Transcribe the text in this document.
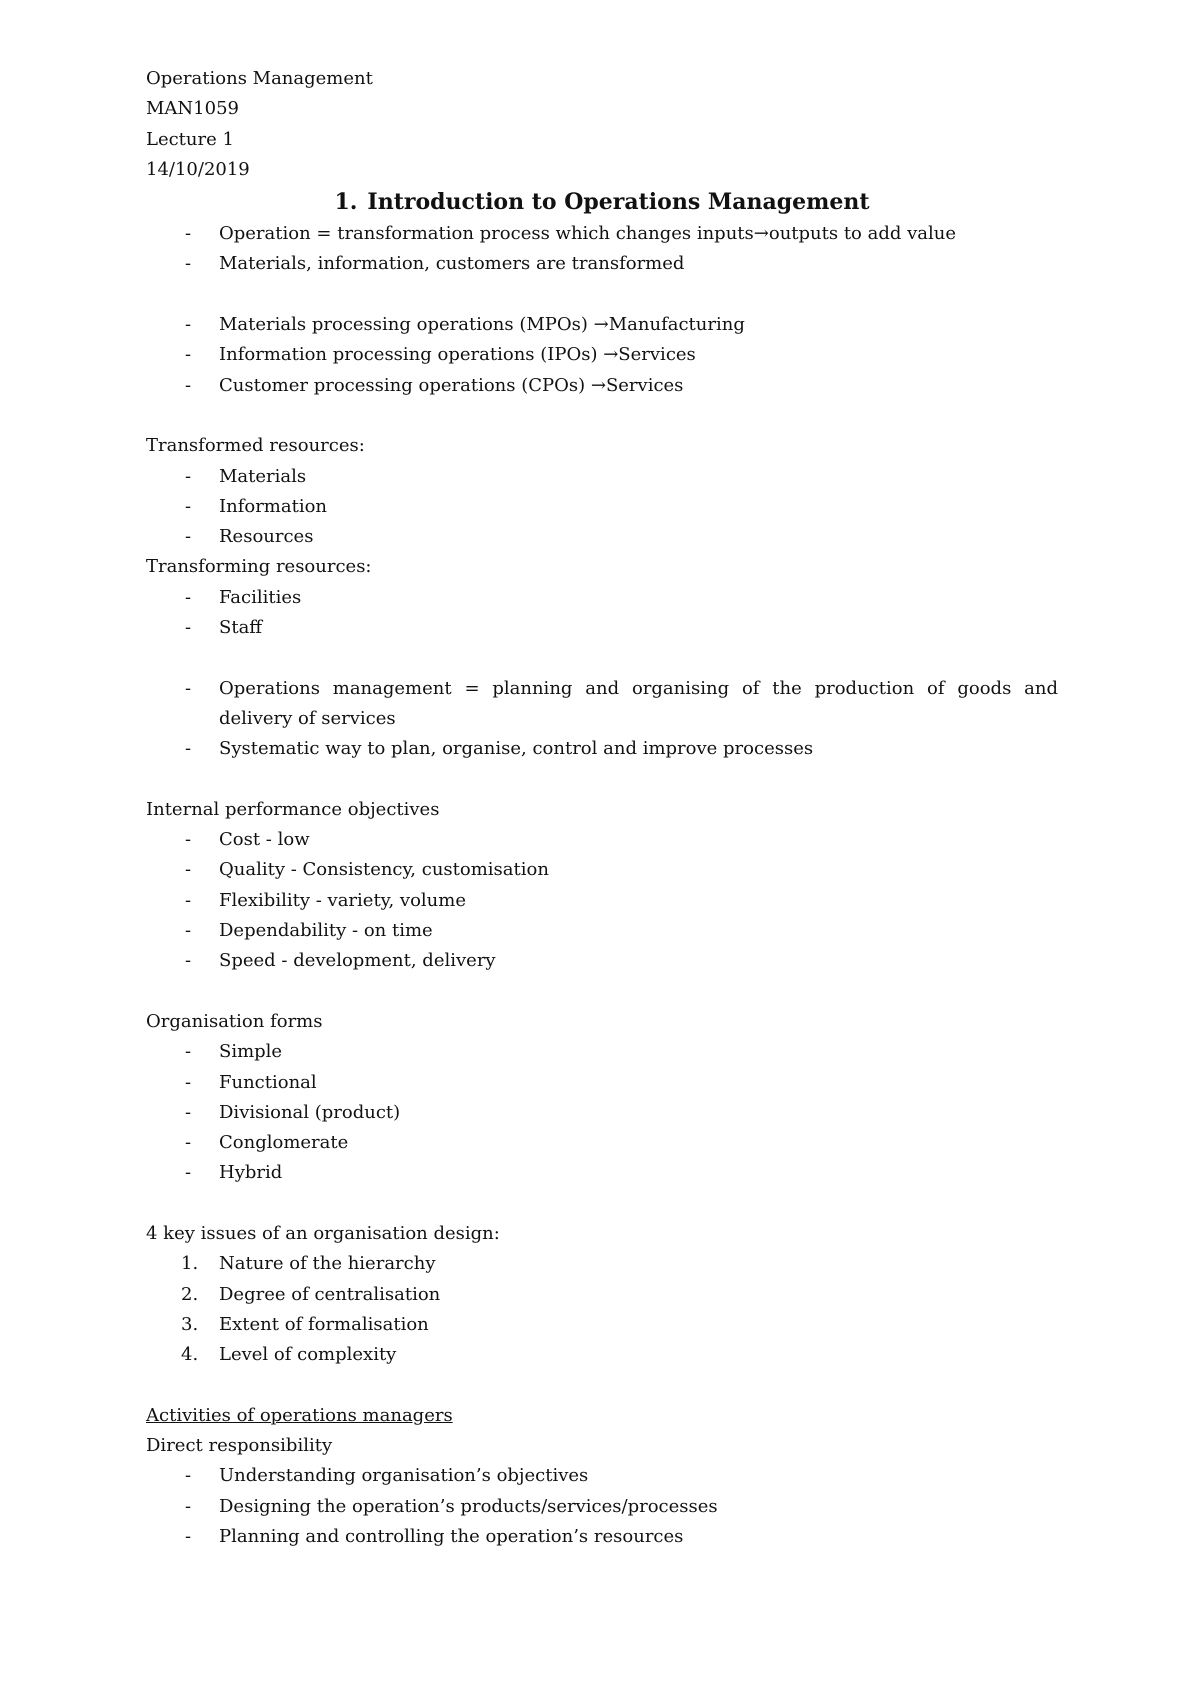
Operations Management

MAN1059

Lecture 1

14/10/2019

1. Introduction to Operations Management
- Operation = transformation process which changes inputs→outputs to add value
- Materials, information, customers are transformed
- Materials processing operations (MPOs) →Manufacturing
- Information processing operations (IPOs) →Services
- Customer processing operations (CPOs) →Services

Transformed resources:

- Materials
- Information
- Resources

Transforming resources:

- Facilities
- Staff
- Operations management = planning and organising of the production of goods and delivery of services
- Systematic way to plan, organise, control and improve processes

Internal performance objectives

- Cost - low
- Quality - Consistency, customisation
- Flexibility - variety, volume
- Dependability - on time
- Speed - development, delivery

Organisation forms

- Simple
- Functional
- Divisional (product)
- Conglomerate
- Hybrid

4 key issues of an organisation design:

1. Nature of the hierarchy
2. Degree of centralisation
3. Extent of formalisation
4. Level of complexity

Activities of operations managers

Direct responsibility

- Understanding organisation’s objectives
- Designing the operation’s products/services/processes
- Planning and controlling the operation’s resources
